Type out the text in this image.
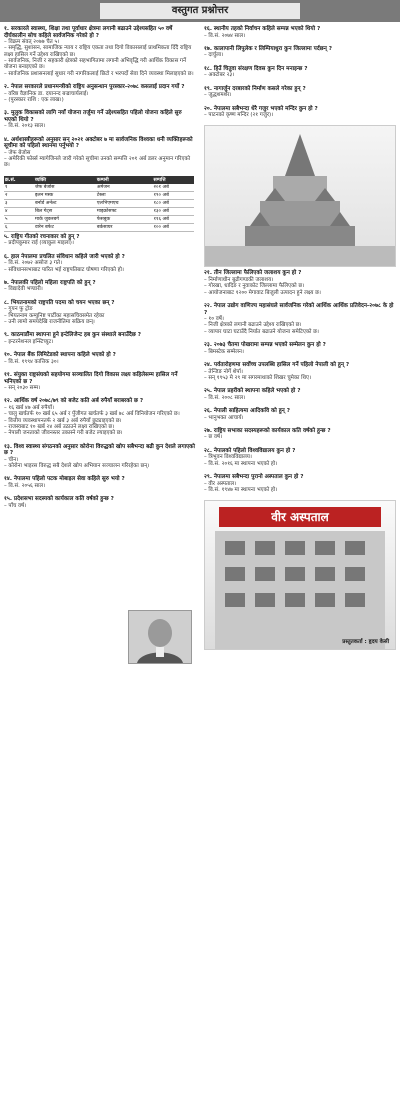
वस्तुगत प्रश्नोत्तर
१. सरकारले स्वास्थ्य, शिक्षा तथा पूर्वाधार क्षेत्रमा लगानी बढाउने उद्देश्यसहित ५० वर्षे दीर्घकालीन सोच कहिले सार्वजनिक गरेको हो ?
– विक्रम संवत् २०७७ चैत ५।
– समृद्धि, सुशासन, सामाजिक न्याय र राष्ट्रिय एकता तथा दिगो विकासलाई प्राथमिकता दिँदै राष्ट्रिय लक्ष्य हासिल गर्ने उद्देश्य राखिएको छ।
– सार्वजनिक, निजी र सहकारी क्षेत्रको सहभागितामा लगानी अभिवृद्धि गरी आर्थिक विकास गर्ने योजना बनाइएको छ।
– सार्वजनिक प्रशासनलाई सुधार गरी नागरिकलाई छिटो र भरपर्दो सेवा दिने व्यवस्था मिलाइएको छ।
२. नेपाल सरकारले प्रधानमन्त्रीको राष्ट्रिय अनुसन्धान पुरस्कार-२०७८ कसलाई प्रदान गर्यो ?
– वरिष्ठ वैज्ञानिक डा. दयानन्द बज्राचार्यलाई।
– (पुरस्कार राशि : एक लाख।)
३. मुलुक विकासको लागि नयाँ योजना तर्जुमा गर्ने उद्देश्यसहित पहिलो योजना कहिले सुरु भएको थियो ?
– वि.सं. २०१३ साल।
४. अर्थशास्त्रीहरूको अनुसार सन् २०२१ अक्टोबर ७ मा सार्वजनिक विश्वका धनी व्यक्तिहरूको सूचीमा को पहिलो स्थानमा पर्नुभयो ?
– जेफ बेजोस
– अमेरिकी फोर्ब्स म्यागेजिनले जारी गरेको सूचीमा उनको सम्पत्ति २०१ अर्ब डलर अनुमान गरिएको छ।
क्र.सं.	व्यक्ति	कम्पनी	सम्पत्ति
१	जेफ बेजोस	अमेजन	२०१ अर्ब
२	इलन मस्क	टेस्ला	१९० अर्ब
३	बर्नार्ड अर्नल्ट	एलभिएमएच	१८० अर्ब
४	बिल गेट्स	माइक्रोसफ्ट	१३० अर्ब
५	मार्क जुकरबर्ग	फेसबुक	११६ अर्ब
६	वारेन बफेट	बर्कसायर	१०० अर्ब
५. राष्ट्रिय गीतको रचनाकार को हुन् ?
– प्रदीपकुमार राई (व्याकुल माइला)।
६. हाल नेपालमा प्रचलित संविधान कहिले जारी भएको हो ?
– वि.सं. २०७२ असोज ३ गते।
– संविधानसभाबाट पारित भई राष्ट्रपतिबाट घोषणा गरिएको हो।
७. नेपालकी पहिलो महिला राष्ट्रपति को हुन् ?
– विद्यादेवी भण्डारी।
८. भियतनामको राष्ट्रपति पदमा को चयन भएका छन् ?
– गुयन फु ट्रोङ
– भियतनाम कम्युनिष्ट पार्टीका महासचिवसमेत रहेका
– उनी लामो समयदेखि राजनीतिमा सक्रिय छन्।
९. काठमाडौंमा स्थापना हुने इन्टेलिजेन्ट हब कुन संस्थाले बनाउँदैछ ?
– इन्टरनेशनल इन्स्टिच्युट।
१०. नेपाल बैंक लिमिटेडको स्थापना कहिले भएको हो ?
– वि.सं. १९९४ कात्तिक ३०।
११. संयुक्त राष्ट्रसंघको सहयोगमा सञ्चालित दिगो विकास लक्ष्य कहिलेसम्म हासिल गर्ने भनिएको छ ?
– सन् २०३० सम्म।
१२. आर्थिक वर्ष २०७८/७९ को बजेट कति अर्ब रुपैयाँ बराबरको छ ?
– १६ खर्ब ४७ अर्ब रुपैयाँ।
– चालु खर्चतर्फ १० खर्ब ६५ अर्ब र पुँजीगत खर्चतर्फ ३ खर्ब ७८ अर्ब विनियोजन गरिएको छ।
– वित्तीय व्यवस्थापनतर्फ २ खर्ब ३ अर्ब रुपैयाँ छुट्याइएको छ।
– राजस्वबाट १० खर्ब २४ अर्ब उठाउने लक्ष्य राखिएको छ।
– नेपाली जनताको जीवनस्तर उकास्ने गरी बजेट ल्याइएको छ।
१३. विश्व स्वास्थ्य संगठनको अनुसार कोरोना विरुद्धको खोप सबैभन्दा बढी कुन देशले लगाएको छ ?
– चीन।
– कोरोना भाइरस विरुद्ध सबै देशले खोप अभियान सञ्चालन गरिरहेका छन्।
१४. नेपालमा पहिलो पटक मोबाइल सेवा कहिले सुरु भयो ?
– वि.सं. २०५६ साल।
१५. प्रदेशसभा सदस्यको कार्यकाल कति वर्षको हुन्छ ?
– पाँच वर्ष।
१६. स्थानीय तहको निर्वाचन कहिले सम्पन्न भएको थियो ?
– वि.सं. २०७४ साल।
१७. कालापानी लिपुलेक र लिम्पियाधुरा कुन जिल्लामा पर्दछन् ?
– दार्चुला।
१८. हिउँ चितुवा संरक्षण दिवस कुन दिन मनाइन्छ ?
– अक्टोबर २३।
१९. नागार्जुन दरबारको निर्माण कसले गरेका हुन् ?
– जुद्धशमशेर।
२०. नेपालमा सबैभन्दा धेरै गजुर भएको मन्दिर कुन हो ?
– पाटनको कृष्ण मन्दिर (२१ गजुर)।
२१. तीन जिल्लामा फैलिएको जलाशय कुन हो ?
– निर्माणाधीन बुढीगण्डकी जलाशय।
– गोरखा, धादिङ र नुवाकोट जिल्लामा फैलिएको छ।
– आयोजनाबाट १२०० मेगावाट बिजुली उत्पादन हुने लक्ष्य छ।
२२. नेपाल उद्योग वाणिज्य महासंघले सार्वजनिक गरेको आर्थिक आर्थिक प्रतिवेदन-२०७८ के हो ?
– १० वर्षे।
– निजी क्षेत्रको लगानी बढाउने उद्देश्य राखिएको छ।
– व्यापार घाटा घटाउँदै निर्यात बढाउने योजना समेटिएको छ।
२३. २०७३ चैतमा पोखरामा सम्पन्न भएको सम्मेलन कुन हो ?
– बिमस्टेक सम्मेलन।
२४. पर्वतारोहणमा सर्वोच्च उपलब्धि हासिल गर्ने पहिलो नेपाली को हुन् ?
– तेन्जिङ नोर्गे शेर्पा।
– सन् १९५३ मे २९ मा सगरमाथाको शिखर चुमेका थिए।
२५. नेपाल प्रहरीको स्थापना कहिले भएको हो ?
– वि.सं. २००८ साल।
२६. नेपाली साहित्यमा आदिकवि को हुन् ?
– भानुभक्त आचार्य।
२७. राष्ट्रिय सभाका सदस्यहरूको कार्यकाल कति वर्षको हुन्छ ?
– छ वर्ष।
२८. नेपालको पहिलो विश्वविद्यालय कुन हो ?
– त्रिभुवन विश्वविद्यालय।
– वि.सं. २०१६ मा स्थापना भएको हो।
२९. नेपालमा सबैभन्दा पुरानो अस्पताल कुन हो ?
– वीर अस्पताल।
– वि.सं. १९४७ मा स्थापना भएको हो।
वीर अस्पताल
प्रस्तुतकर्ता : हृदय केसी
